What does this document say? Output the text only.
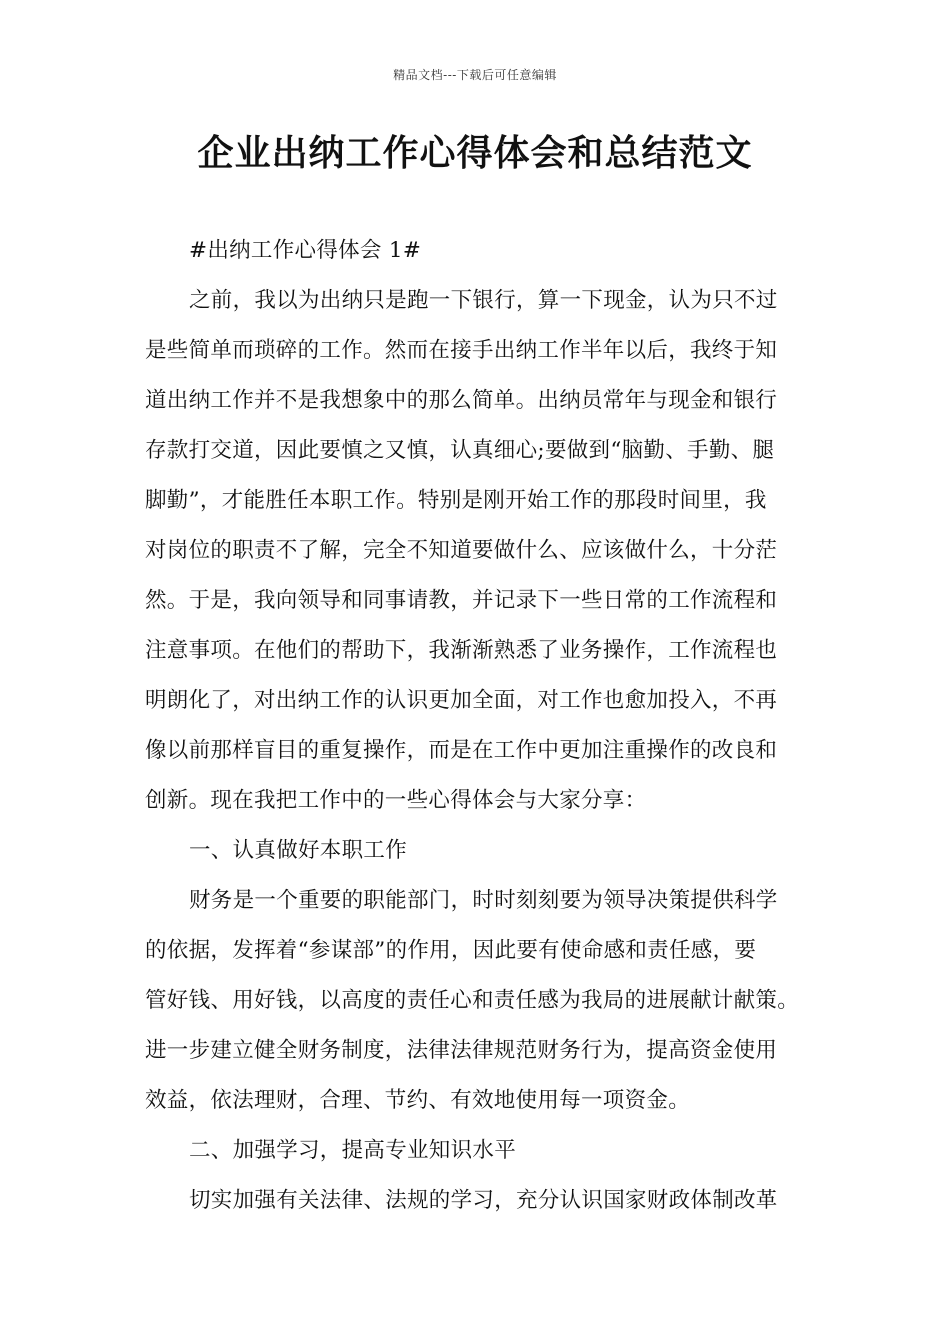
精品文档---下载后可任意编辑
企业出纳工作心得体会和总结范文
#出纳工作心得体会 1#
之前，我以为出纳只是跑一下银行，算一下现金，认为只不过
是些简单而琐碎的工作。然而在接手出纳工作半年以后，我终于知
道出纳工作并不是我想象中的那么简单。出纳员常年与现金和银行
存款打交道，因此要慎之又慎，认真细心;要做到“脑勤、手勤、腿
脚勤”，才能胜任本职工作。特别是刚开始工作的那段时间里，我
对岗位的职责不了解，完全不知道要做什么、应该做什么，十分茫
然。于是，我向领导和同事请教，并记录下一些日常的工作流程和
注意事项。在他们的帮助下，我渐渐熟悉了业务操作，工作流程也
明朗化了，对出纳工作的认识更加全面，对工作也愈加投入，不再
像以前那样盲目的重复操作，而是在工作中更加注重操作的改良和
创新。现在我把工作中的一些心得体会与大家分享：
一、认真做好本职工作
财务是一个重要的职能部门，时时刻刻要为领导决策提供科学
的依据，发挥着“参谋部”的作用，因此要有使命感和责任感，要
管好钱、用好钱，以高度的责任心和责任感为我局的进展献计献策。
进一步建立健全财务制度，法律法律规范财务行为，提高资金使用
效益，依法理财，合理、节约、有效地使用每一项资金。
二、加强学习，提高专业知识水平
切实加强有关法律、法规的学习，充分认识国家财政体制改革
